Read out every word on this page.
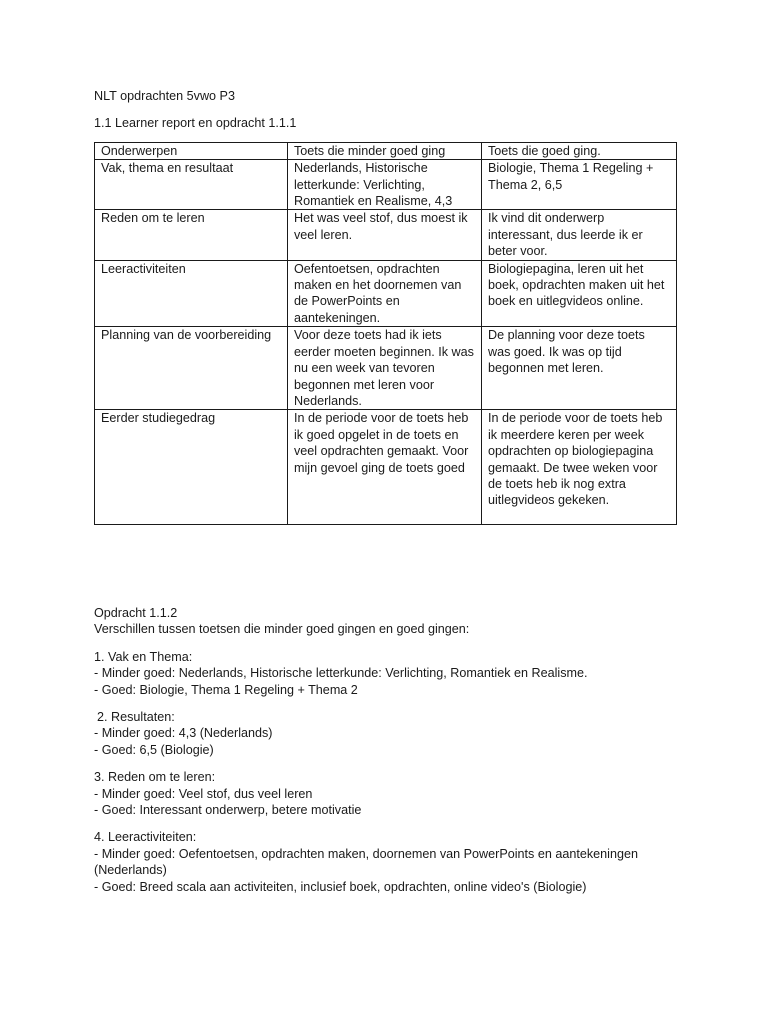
NLT opdrachten 5vwo P3

1.1 Learner report en opdracht 1.1.1

Onderwerpen	Toets die minder goed ging	Toets die goed ging.
Vak, thema en resultaat	Nederlands, Historische letterkunde: Verlichting, Romantiek en Realisme, 4,3	Biologie, Thema 1 Regeling + Thema 2, 6,5
Reden om te leren	Het was veel stof, dus moest ik veel leren.	Ik vind dit onderwerp interessant, dus leerde ik er beter voor.
Leeractiviteiten	Oefentoetsen, opdrachten maken en het doornemen van de PowerPoints en aantekeningen.	Biologiepagina, leren uit het boek, opdrachten maken uit het boek en uitlegvideos online.
Planning van de voorbereiding	Voor deze toets had ik iets eerder moeten beginnen. Ik was nu een week van tevoren begonnen met leren voor Nederlands.	De planning voor deze toets was goed. Ik was op tijd begonnen met leren.
Eerder studiegedrag	In de periode voor de toets heb ik goed opgelet in de toets en veel opdrachten gemaakt. Voor mijn gevoel ging de toets goed	In de periode voor de toets heb ik meerdere keren per week opdrachten op biologiepagina gemaakt. De twee weken voor de toets heb ik nog extra uitlegvideos gekeken.

Opdracht 1.1.2

Verschillen tussen toetsen die minder goed gingen en goed gingen:

1. Vak en Thema:

- Minder goed: Nederlands, Historische letterkunde: Verlichting, Romantiek en Realisme.

- Goed: Biologie, Thema 1 Regeling + Thema 2

2. Resultaten:

- Minder goed: 4,3 (Nederlands)

- Goed: 6,5 (Biologie)

3. Reden om te leren:

- Minder goed: Veel stof, dus veel leren

- Goed: Interessant onderwerp, betere motivatie

4. Leeractiviteiten:

- Minder goed: Oefentoetsen, opdrachten maken, doornemen van PowerPoints en aantekeningen (Nederlands)

- Goed: Breed scala aan activiteiten, inclusief boek, opdrachten, online video's (Biologie)
